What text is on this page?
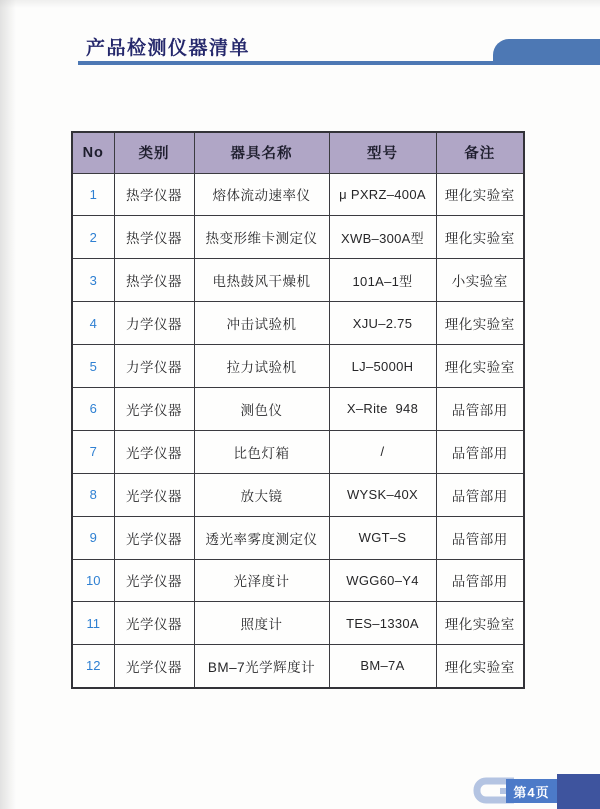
产品检测仪器清单
No	类别	器具名称	型号	备注
1	热学仪器	熔体流动速率仪	μ PXRZ–400A	理化实验室
2	热学仪器	热变形维卡测定仪	XWB–300A型	理化实验室
3	热学仪器	电热鼓风干燥机	101A–1型	小实验室
4	力学仪器	冲击试验机	XJU–2.75	理化实验室
5	力学仪器	拉力试验机	LJ–5000H	理化实验室
6	光学仪器	测色仪	X–Rite  948	品管部用
7	光学仪器	比色灯箱	/	品管部用
8	光学仪器	放大镜	WYSK–40X	品管部用
9	光学仪器	透光率雾度测定仪	WGT–S	品管部用
10	光学仪器	光泽度计	WGG60–Y4	品管部用
11	光学仪器	照度计	TES–1330A	理化实验室
12	光学仪器	BM–7光学辉度计	BM–7A	理化实验室
第4页
